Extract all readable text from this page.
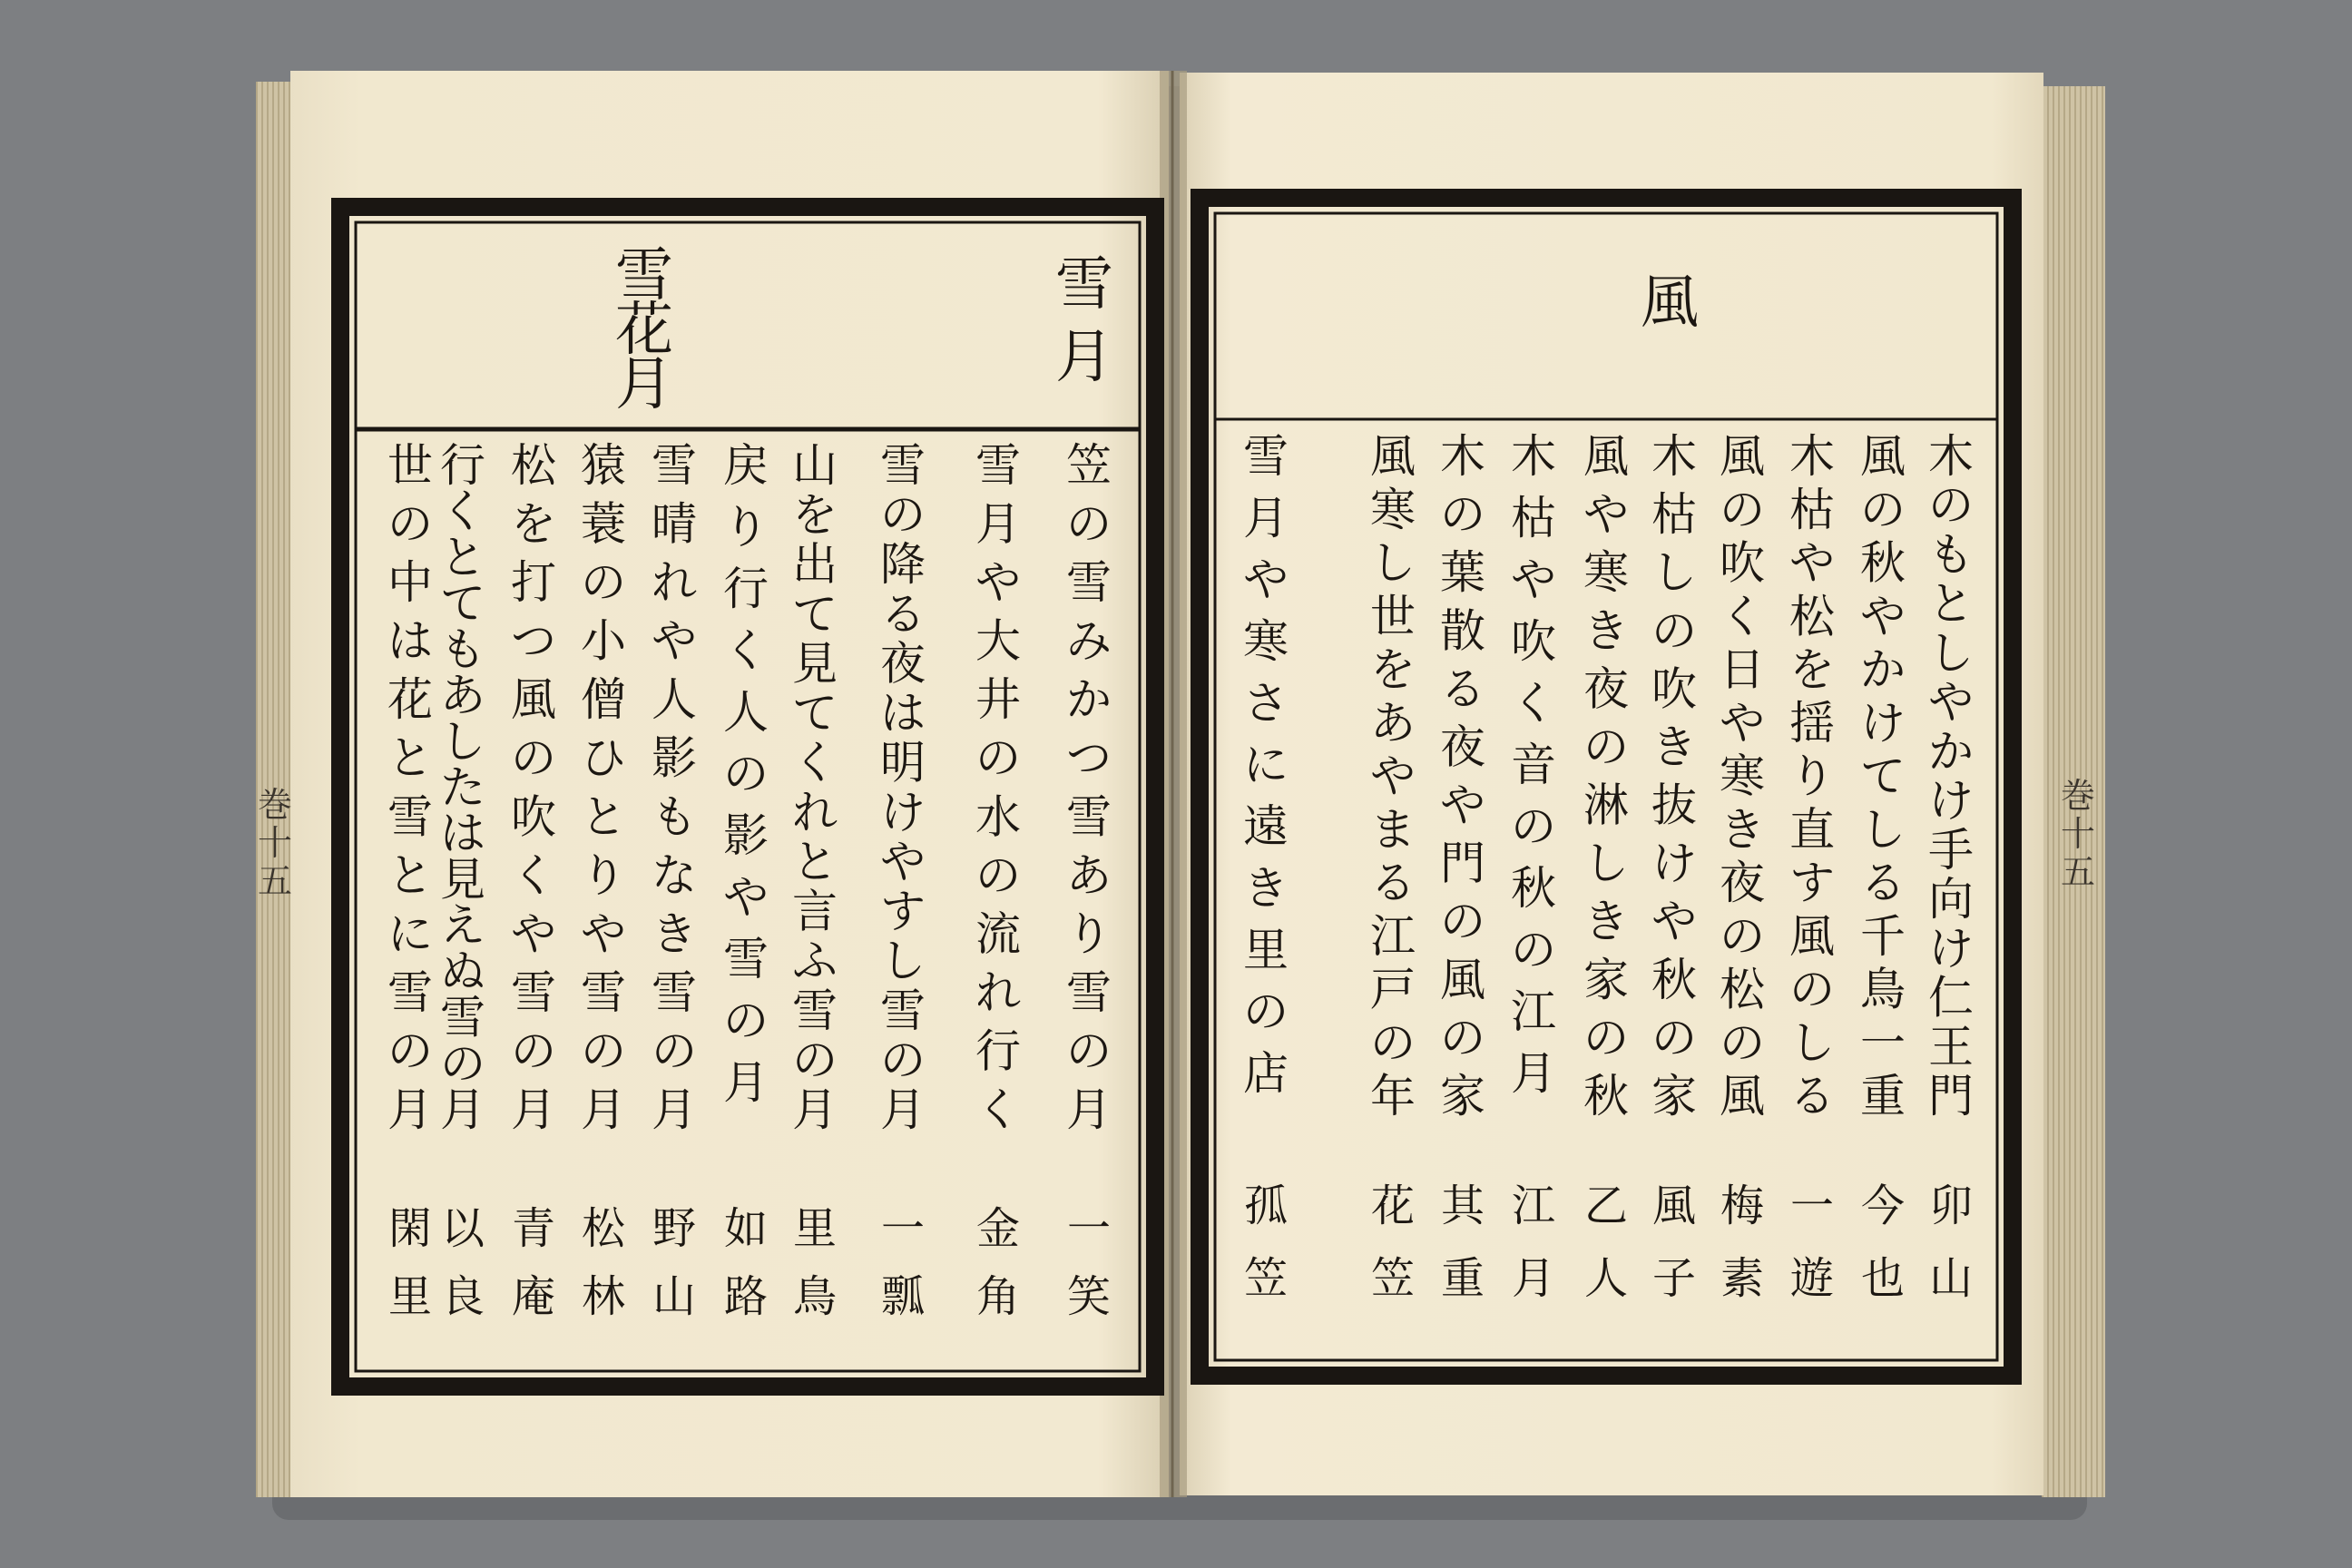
雪
月
雪
花
月
笠
の
雪
み
か
つ
雪
あ
り
雪
の
月
一
笑
雪
月
や
大
井
の
水
の
流
れ
行
く
金
角
雪
の
降
る
夜
は
明
け
や
す
し
雪
の
月
一
瓢
山
を
出
て
見
て
く
れ
と
言
ふ
雪
の
月
里
鳥
戻
り
行
く
人
の
影
や
雪
の
月
如
路
雪
晴
れ
や
人
影
も
な
き
雪
の
月
野
山
猿
蓑
の
小
僧
ひ
と
り
や
雪
の
月
松
林
松
を
打
つ
風
の
吹
く
や
雪
の
月
青
庵
行
く
と
て
も
あ
し
た
は
見
え
ぬ
雪
の
月
以
良
世
の
中
は
花
と
雪
と
に
雪
の
月
閑
里
風
木
の
も
と
し
や
か
け
手
向
け
仁
王
門
卯
山
風
の
秋
や
か
け
て
し
る
千
鳥
一
重
今
也
木
枯
や
松
を
揺
り
直
す
風
の
し
る
一
遊
風
の
吹
く
日
や
寒
き
夜
の
松
の
風
梅
素
木
枯
し
の
吹
き
抜
け
や
秋
の
家
風
子
風
や
寒
き
夜
の
淋
し
き
家
の
秋
乙
人
木
枯
や
吹
く
音
の
秋
の
江
月
江
月
木
の
葉
散
る
夜
や
門
の
風
の
家
其
重
風
寒
し
世
を
あ
や
ま
る
江
戸
の
年
花
笠
雪
月
や
寒
さ
に
遠
き
里
の
店
孤
笠
巻
十
五
巻
十
五
